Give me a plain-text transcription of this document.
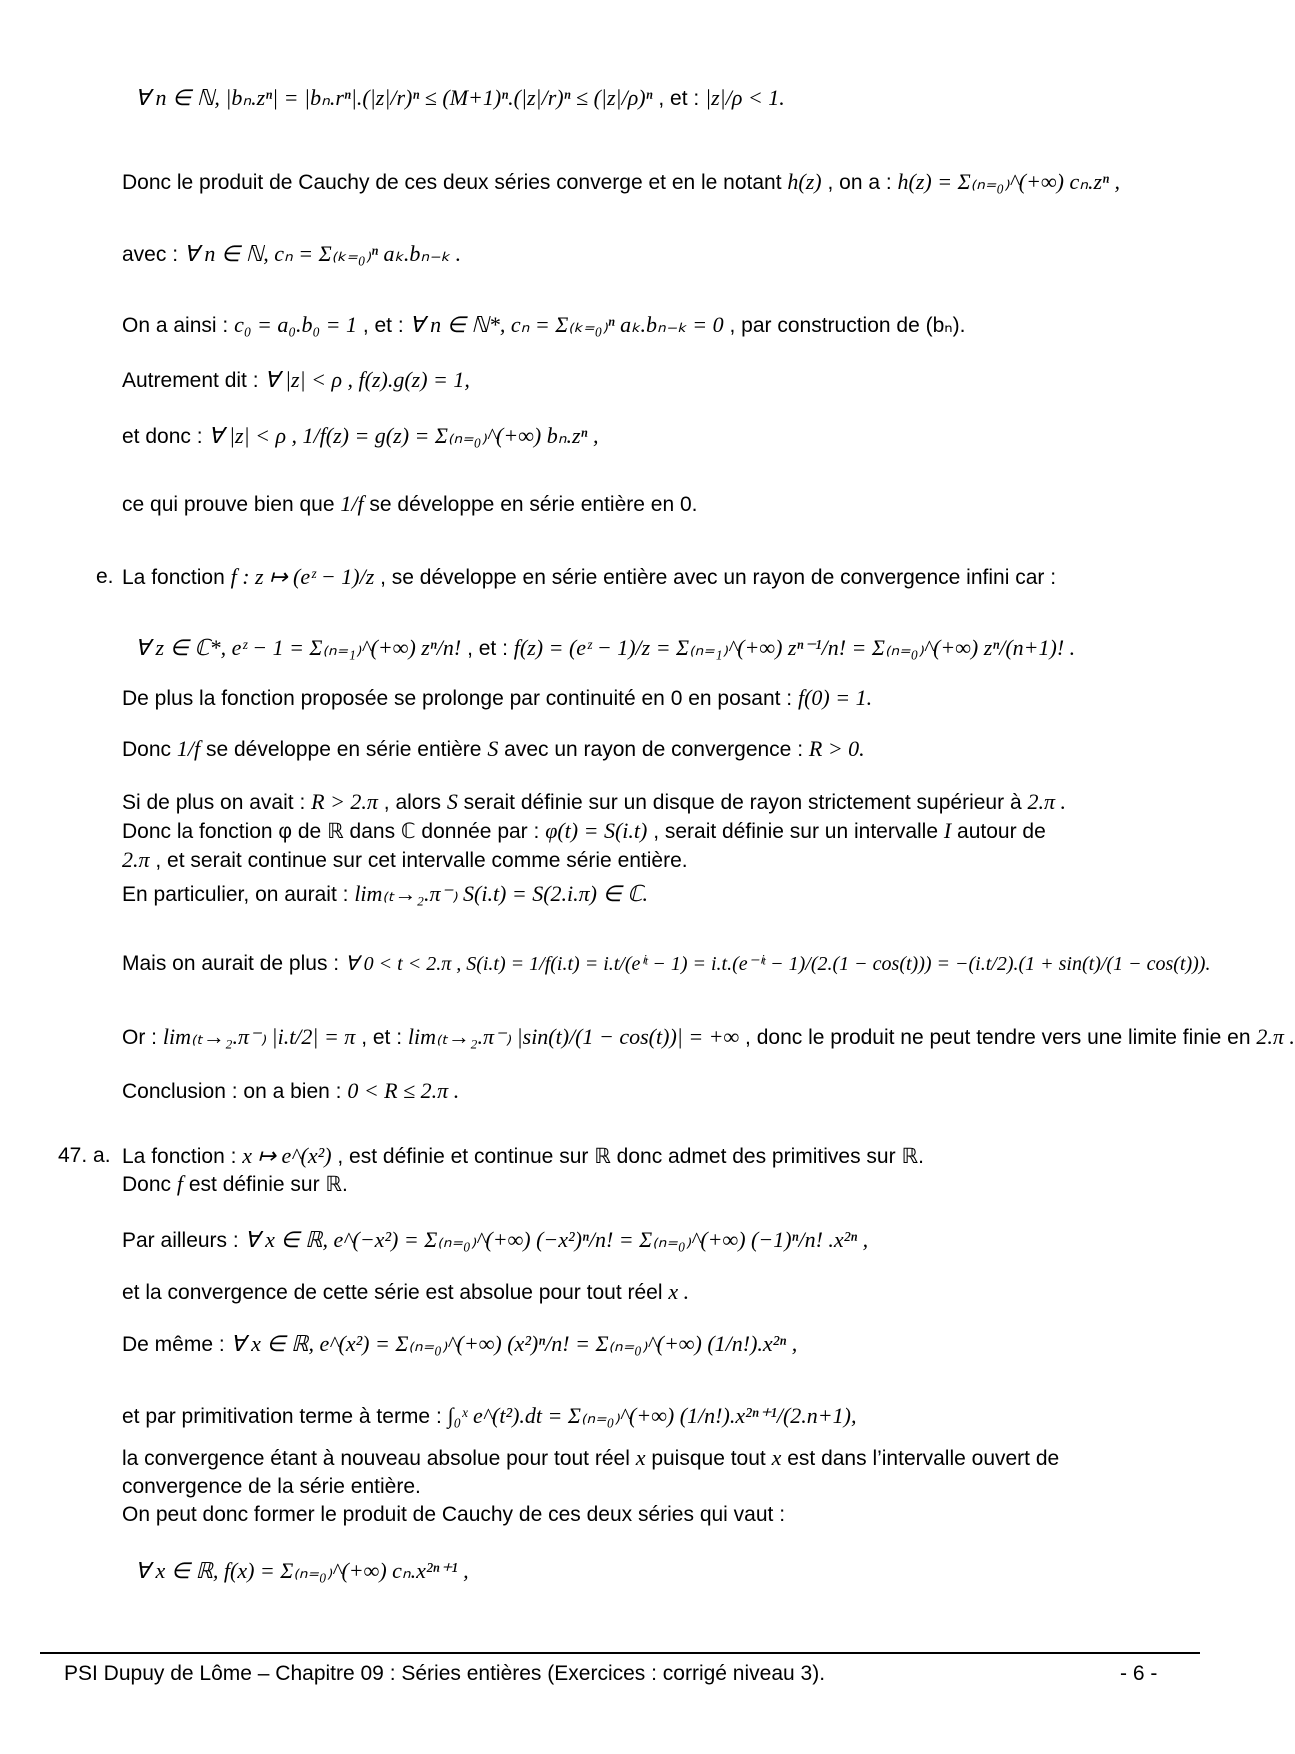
∀ n ∈ ℕ, |bₙ.zⁿ| = |bₙ.rⁿ|.(|z|/r)ⁿ ≤ (M+1)ⁿ.(|z|/r)ⁿ ≤ (|z|/ρ)ⁿ , et : |z|/ρ < 1.
Donc le produit de Cauchy de ces deux séries converge et en le notant h(z) , on a : h(z) = Σ₍ₙ₌₀₎^(+∞) cₙ.zⁿ ,
avec : ∀ n ∈ ℕ, cₙ = Σ₍ₖ₌₀₎ⁿ aₖ.bₙ₋ₖ .
On a ainsi : c₀ = a₀.b₀ = 1 , et : ∀ n ∈ ℕ*, cₙ = Σ₍ₖ₌₀₎ⁿ aₖ.bₙ₋ₖ = 0 , par construction de (bₙ).
Autrement dit : ∀ |z| < ρ , f(z).g(z) = 1,
et donc : ∀ |z| < ρ , 1/f(z) = g(z) = Σ₍ₙ₌₀₎^(+∞) bₙ.zⁿ ,
ce qui prouve bien que 1/f se développe en série entière en 0.
e. La fonction f : z ↦ (eᶻ − 1)/z , se développe en série entière avec un rayon de convergence infini car :
∀ z ∈ ℂ*, eᶻ − 1 = Σ₍ₙ₌₁₎^(+∞) zⁿ/n! , et : f(z) = (eᶻ − 1)/z = Σ₍ₙ₌₁₎^(+∞) zⁿ⁻¹/n! = Σ₍ₙ₌₀₎^(+∞) zⁿ/(n+1)! .
De plus la fonction proposée se prolonge par continuité en 0 en posant : f(0) = 1.
Donc 1/f se développe en série entière S avec un rayon de convergence : R > 0.
Si de plus on avait : R > 2.π , alors S serait définie sur un disque de rayon strictement supérieur à 2.π .
Donc la fonction φ de ℝ dans ℂ donnée par : φ(t) = S(i.t) , serait définie sur un intervalle I autour de
2.π , et serait continue sur cet intervalle comme série entière.
En particulier, on aurait : lim₍ₜ→₂.π⁻₎ S(i.t) = S(2.i.π) ∈ ℂ.
Mais on aurait de plus : ∀ 0 < t < 2.π , S(i.t) = 1/f(i.t) = i.t/(eⁱᵗ − 1) = i.t.(e⁻ⁱᵗ − 1)/(2.(1 − cos(t))) = −(i.t/2).(1 + sin(t)/(1 − cos(t))).
Or : lim₍ₜ→₂.π⁻₎ |i.t/2| = π , et : lim₍ₜ→₂.π⁻₎ |sin(t)/(1 − cos(t))| = +∞ , donc le produit ne peut tendre vers une limite finie en 2.π .
Conclusion : on a bien : 0 < R ≤ 2.π .
47. a. La fonction : x ↦ e^(x²) , est définie et continue sur ℝ donc admet des primitives sur ℝ.
Donc f est définie sur ℝ.
Par ailleurs : ∀ x ∈ ℝ, e^(−x²) = Σ₍ₙ₌₀₎^(+∞) (−x²)ⁿ/n! = Σ₍ₙ₌₀₎^(+∞) (−1)ⁿ/n! .x²ⁿ ,
et la convergence de cette série est absolue pour tout réel x .
De même : ∀ x ∈ ℝ, e^(x²) = Σ₍ₙ₌₀₎^(+∞) (x²)ⁿ/n! = Σ₍ₙ₌₀₎^(+∞) (1/n!).x²ⁿ ,
et par primitivation terme à terme : ∫₀ˣ e^(t²).dt = Σ₍ₙ₌₀₎^(+∞) (1/n!).x²ⁿ⁺¹/(2.n+1),
la convergence étant à nouveau absolue pour tout réel x puisque tout x est dans l’intervalle ouvert de
convergence de la série entière.
On peut donc former le produit de Cauchy de ces deux séries qui vaut :
∀ x ∈ ℝ, f(x) = Σ₍ₙ₌₀₎^(+∞) cₙ.x²ⁿ⁺¹ ,
PSI Dupuy de Lôme – Chapitre 09 : Séries entières (Exercices : corrigé niveau 3).	- 6 -
